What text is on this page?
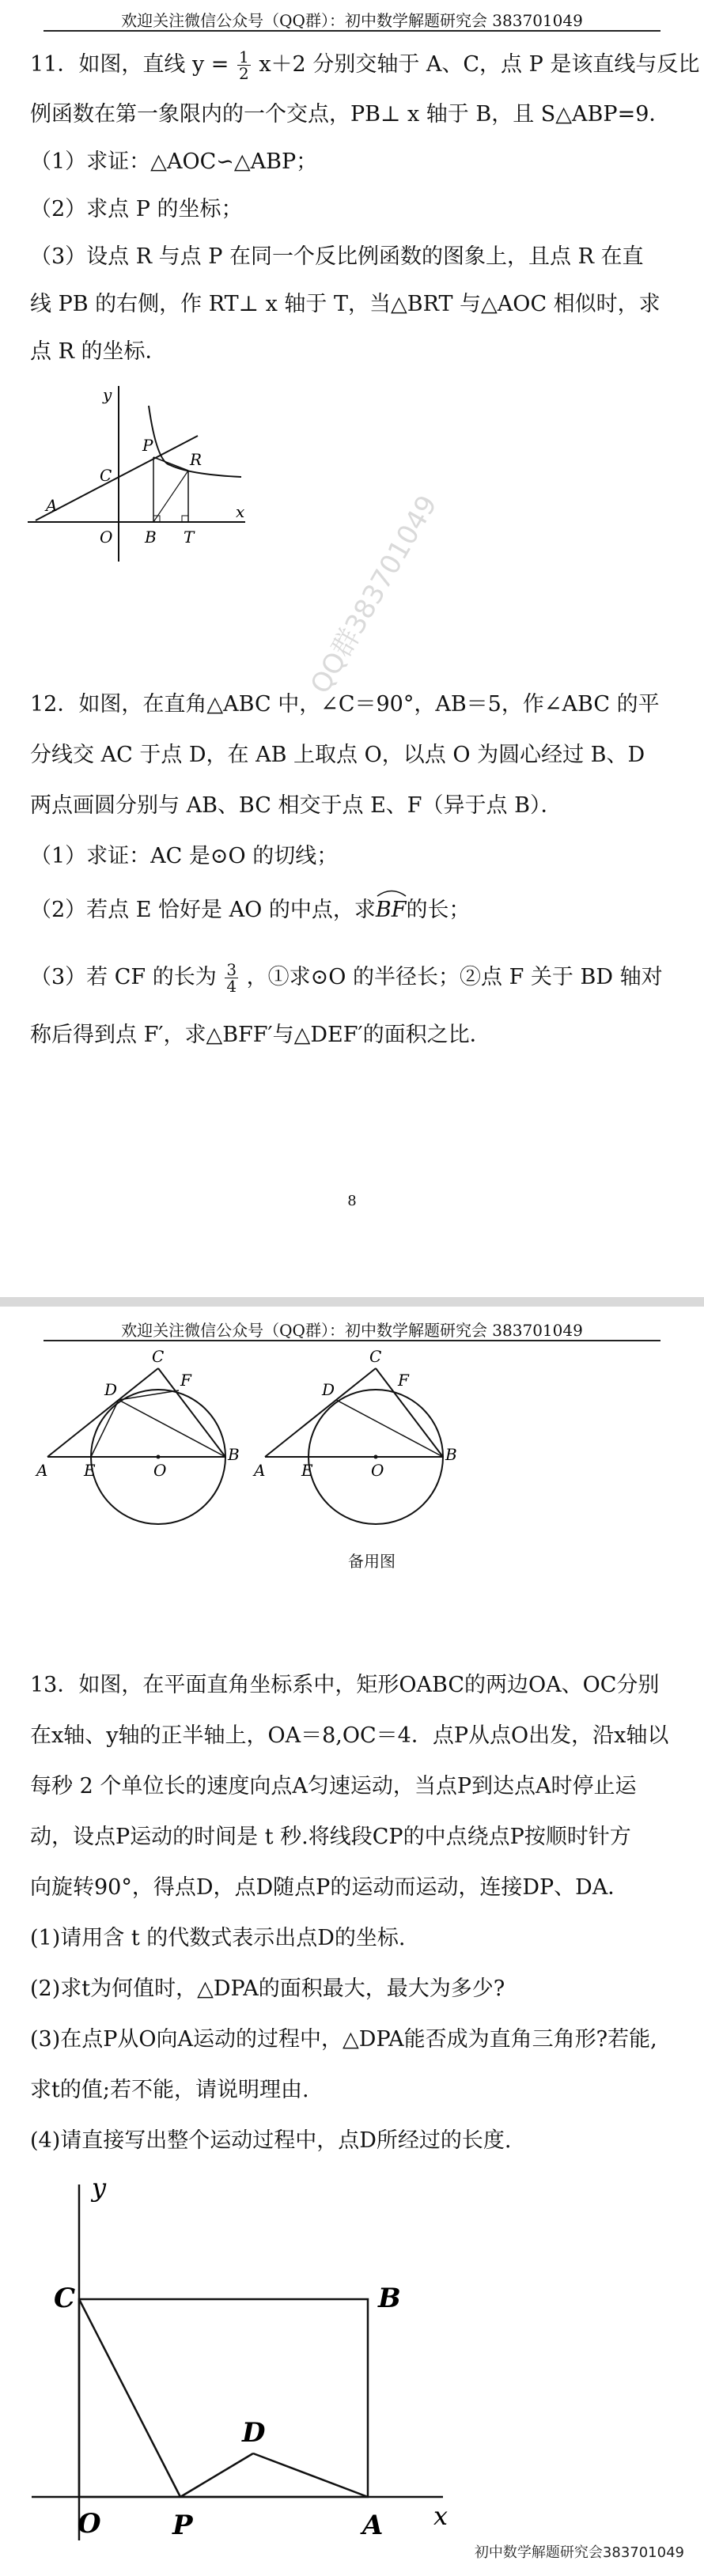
欢迎关注微信公众号（QQ群）：初中数学解题研究会 383701049
11．如图，直线 $y = \frac{1}{2} x+2$ 分别交轴于 A、C，点 P 是该直线与反比
例函数在第一象限内的一个交点，PB⊥ x 轴于 B，且 S△ABP=9．
（1）求证：△AOC∽△ABP；
（2）求点 P 的坐标；
（3）设点 R 与点 P 在同一个反比例函数的图象上，且点 R 在直
线 PB 的右侧，作 RT⊥ x 轴于 T，当△BRT 与△AOC 相似时，求
点 R 的坐标．
y
x
C
P
R
A
O B T	QQ群383701049
12．如图，在直角△ABC 中，∠C＝90°，AB＝5，作∠ABC 的平
分线交 AC 于点 D，在 AB 上取点 O，以点 O 为圆心经过 B、D
两点画圆分别与 AB、BC 相交于点 E、F（异于点 B）．
（1）求证：AC 是⊙O 的切线；
（2）若点 E 恰好是 AO 的中点，求
BF的长；
（3）若 CF 的长为 $\frac{3}{4}$ ，①求⊙O 的半径长；②点 F 关于 BD 轴对
称后得到点 F′，求△BFF′与△DEF′的面积之比．
8
欢迎关注微信公众号（QQ群）：初中数学解题研究会 383701049
C
D	F
A E	O
B
C
D	F
A E	O
B
备用图
13．如图，在平面直角坐标系中，矩形OABC的两边OA、OC分别
在x轴、y轴的正半轴上，OA＝8,OC＝4．点P从点O出发，沿x轴以
每秒 2 个单位长的速度向点A匀速运动，当点P到达点A时停止运
动，设点P运动的时间是 t 秒.将线段CP的中点绕点P按顺时针方
向旋转90°，得点D，点D随点P的运动而运动，连接DP、DA．
(1)请用含 t 的代数式表示出点D的坐标.
(2)求t为何值时，△DPA的面积最大，最大为多少?
(3)在点P从O向A运动的过程中，△DPA能否成为直角三角形?若能,
求t的值;若不能，请说明理由.
(4)请直接写出整个运动过程中，点D所经过的长度.
y
C	B
D
O	P	A x
初中数学解题研究会383701049
